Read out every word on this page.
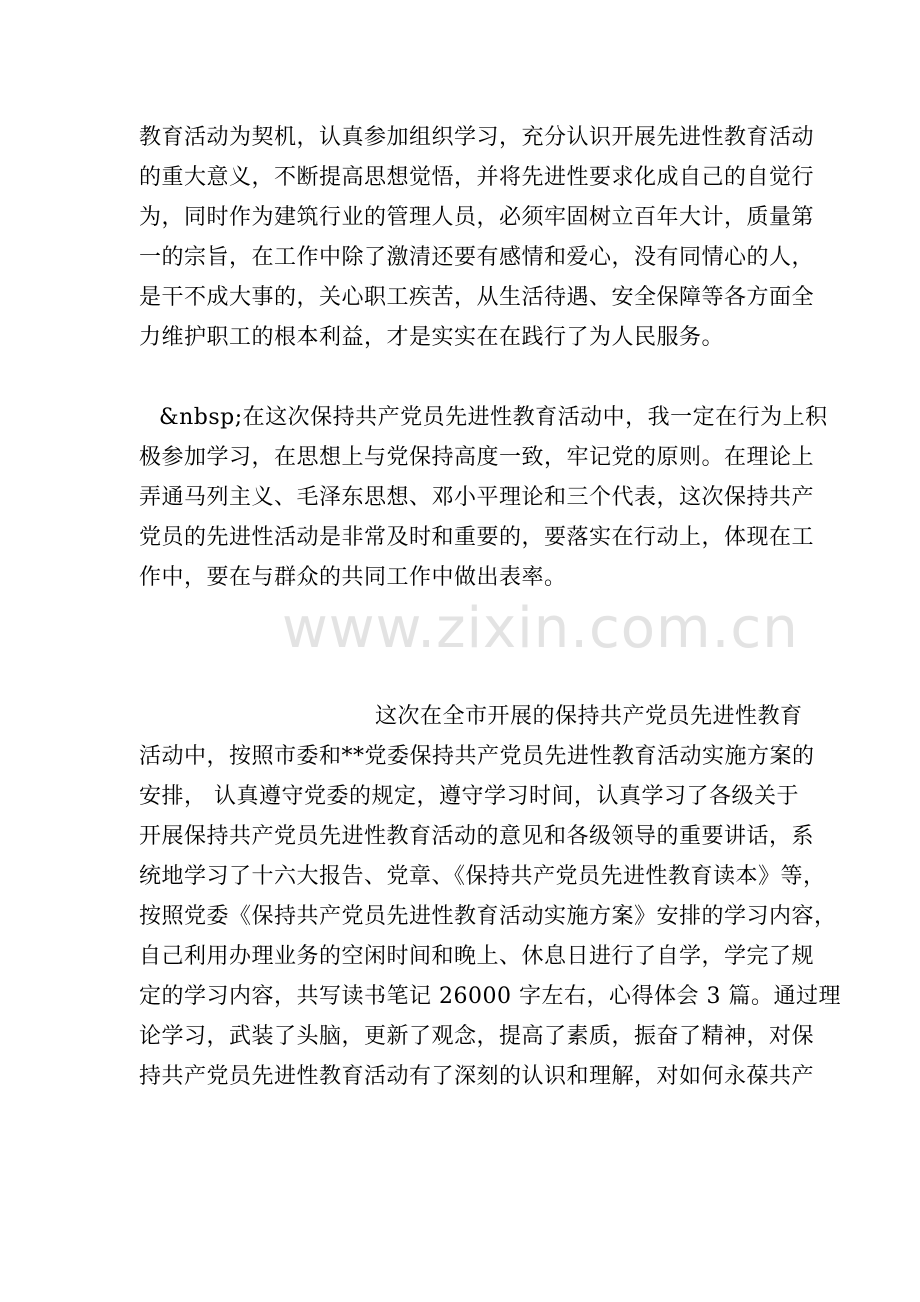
www.zixin.com.cn

教育活动为契机，认真参加组织学习，充分认识开展先进性教育活动
的重大意义，不断提高思想觉悟，并将先进性要求化成自己的自觉行
为，同时作为建筑行业的管理人员，必须牢固树立百年大计，质量第
一的宗旨，在工作中除了激清还要有感情和爱心，没有同情心的人，
是干不成大事的，关心职工疾苦，从生活待遇、安全保障等各方面全
力维护职工的根本利益，才是实实在在践行了为人民服务。

&nbsp;在这次保持共产党员先进性教育活动中，我一定在行为上积
极参加学习，在思想上与党保持高度一致，牢记党的原则。在理论上
弄通马列主义、毛泽东思想、邓小平理论和三个代表，这次保持共产
党员的先进性活动是非常及时和重要的，要落实在行动上，体现在工
作中，要在与群众的共同工作中做出表率。

这次在全市开展的保持共产党员先进性教育
活动中，按照市委和**党委保持共产党员先进性教育活动实施方案的
安排， 认真遵守党委的规定，遵守学习时间，认真学习了各级关于
开展保持共产党员先进性教育活动的意见和各级领导的重要讲话，系
统地学习了十六大报告、党章、《保持共产党员先进性教育读本》等，
按照党委《保持共产党员先进性教育活动实施方案》安排的学习内容，
自己利用办理业务的空闲时间和晚上、休息日进行了自学，学完了规
定的学习内容，共写读书笔记 26000 字左右，心得体会 3 篇。通过理
论学习，武装了头脑，更新了观念，提高了素质，振奋了精神，对保
持共产党员先进性教育活动有了深刻的认识和理解，对如何永葆共产
